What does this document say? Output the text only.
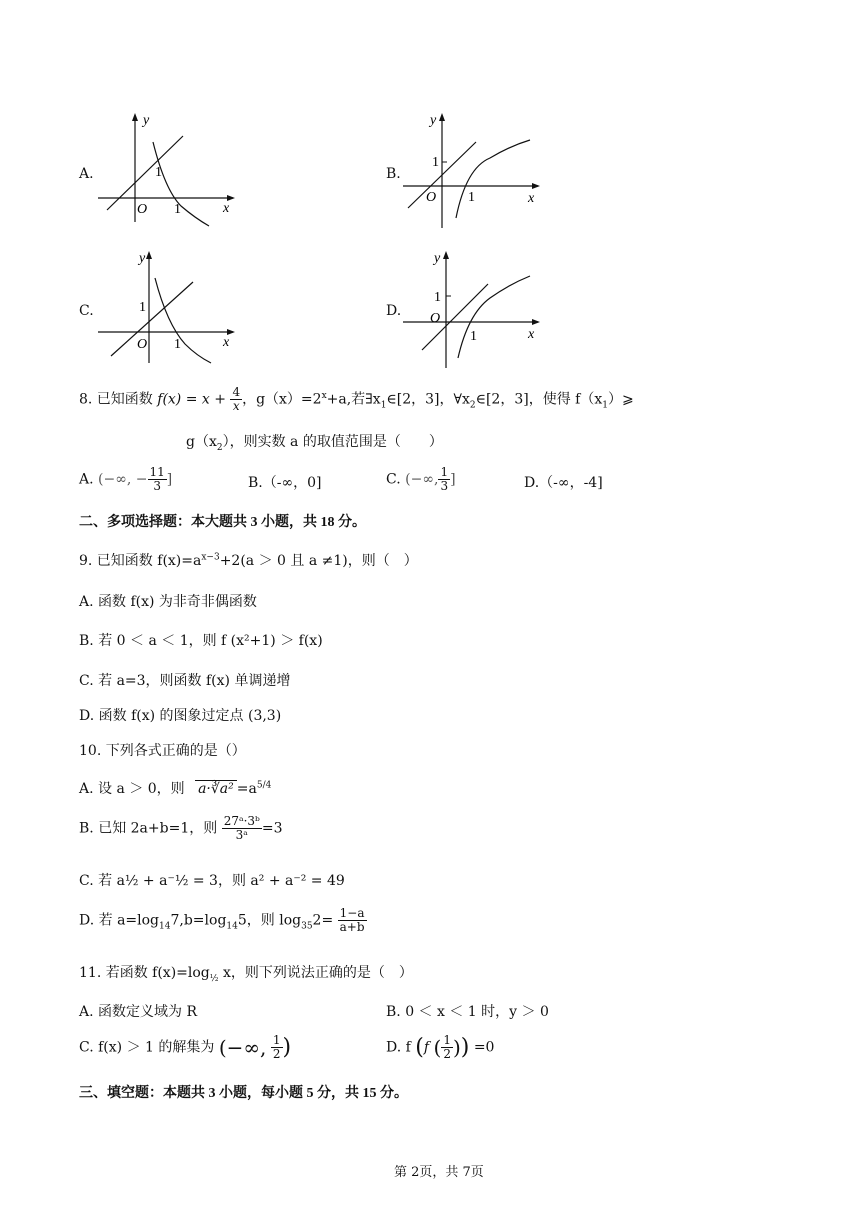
A.
y
1
O 1	x
B.
y
1
O 1	x
C.
y
1
O 1	x
D.
y
1
O
1	x
8. 已知函数 $f(x) = x + \frac{4}{x}$ ，$g(x)=2^x+a$,若$\exists x_1\in[2$，3]，$\forall x_2\in[2$，3]，使得 $f(x_1)⩾$
$g(x_2)$，则实数 a 的取值范围是（　　）
A. (−∞, − $\frac{11}{3}$ ]	B.（-∞，0]	C. (−∞, $\frac{1}{3}$ ]	D.（-∞，-4]
二、多项选择题：本大题共 3 小题，共 18 分。
9. 已知函数 $f(x)=a^{x-3}+2(a > 0$ 且 a ≠1)，则（　）
A. 函数 f(x) 为非奇非偶函数
B. 若 0 ＜ a ＜ 1，则 f (x²+1) ＞ f(x)
C. 若 a=3，则函数 f(x) 单调递增
D. 函数 f(x) 的图象过定点 (3,3)
10. 下列各式正确的是（）
A. 设 a ＞ 0，则 a·∛a² $=a^{5/4}$
B. 已知 2a+b=1，则 $\frac{\text{27ᵃ·3ᵇ}}{\text{3ᵃ}} =3$
C. 若 a½ + a⁻½ = 3，则 a² + a⁻² = 49
D. 若 $a=\log_{14}7,b=\log_{14}5$，则 $\log_{35}2= \frac{1-a}{a+b}$
11. 若函数 $f(x)=\log_{\frac{1}{2}}$ x，则下列说法正确的是（　）
A. 函数定义域为 R	B. 0 ＜ x ＜ 1 时，y ＞ 0
C. f(x) ＞ 1 的解集为 (−∞, $\frac{1}{2}$ )	D. f (f ( $\frac{1}{2}$ )) =0
三、填空题：本题共 3 小题，每小题 5 分，共 15 分。
第 2页，共 7页
